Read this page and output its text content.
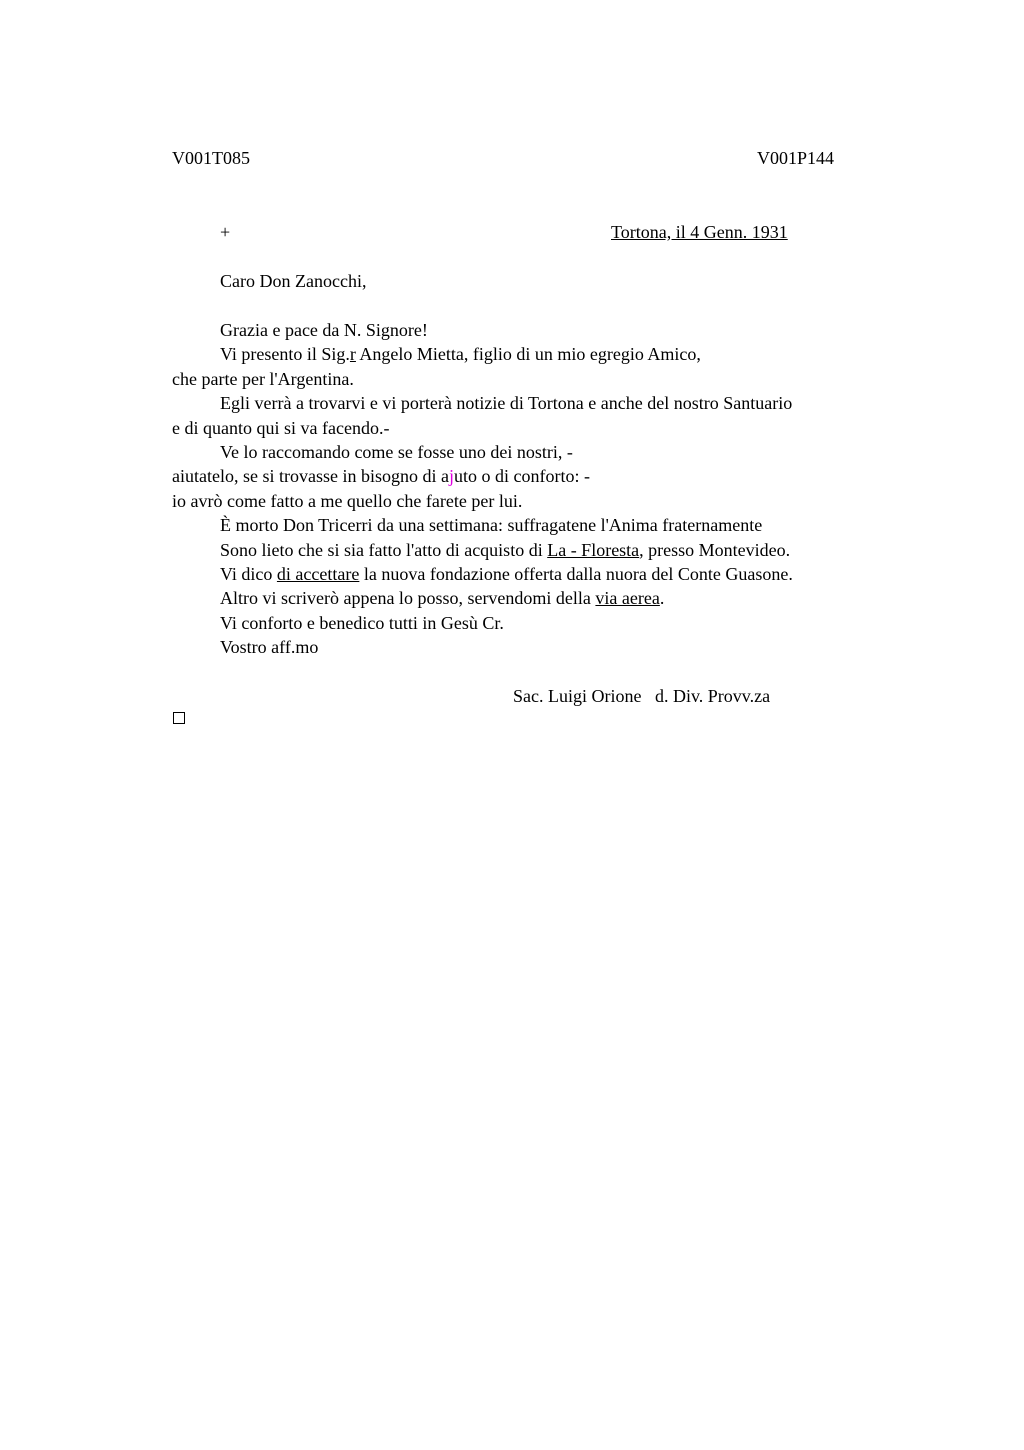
V001T085	V001P144
+	Tortona, il 4 Genn. 1931
Caro Don Zanocchi,
Grazia e pace da N. Signore!
Vi presento il Sig.r Angelo Mietta, figlio di un mio egregio Amico,
che parte per l'Argentina.
Egli verrà a trovarvi e vi porterà notizie di Tortona e anche del nostro Santuario
e di quanto qui si va facendo.-
Ve lo raccomando come se fosse uno dei nostri, -
aiutatelo, se si trovasse in bisogno di ajuto o di conforto: -
io avrò come fatto a me quello che farete per lui.
È morto Don Tricerri da una settimana: suffragatene l'Anima fraternamente
Sono lieto che si sia fatto l'atto di acquisto di La - Floresta, presso Montevideo.
Vi dico di accettare la nuova fondazione offerta dalla nuora del Conte Guasone.
Altro vi scriverò appena lo posso, servendomi della via aerea.
Vi conforto e benedico tutti in Gesù Cr.
Vostro aff.mo
Sac. Luigi Orione   d. Div. Provv.za
